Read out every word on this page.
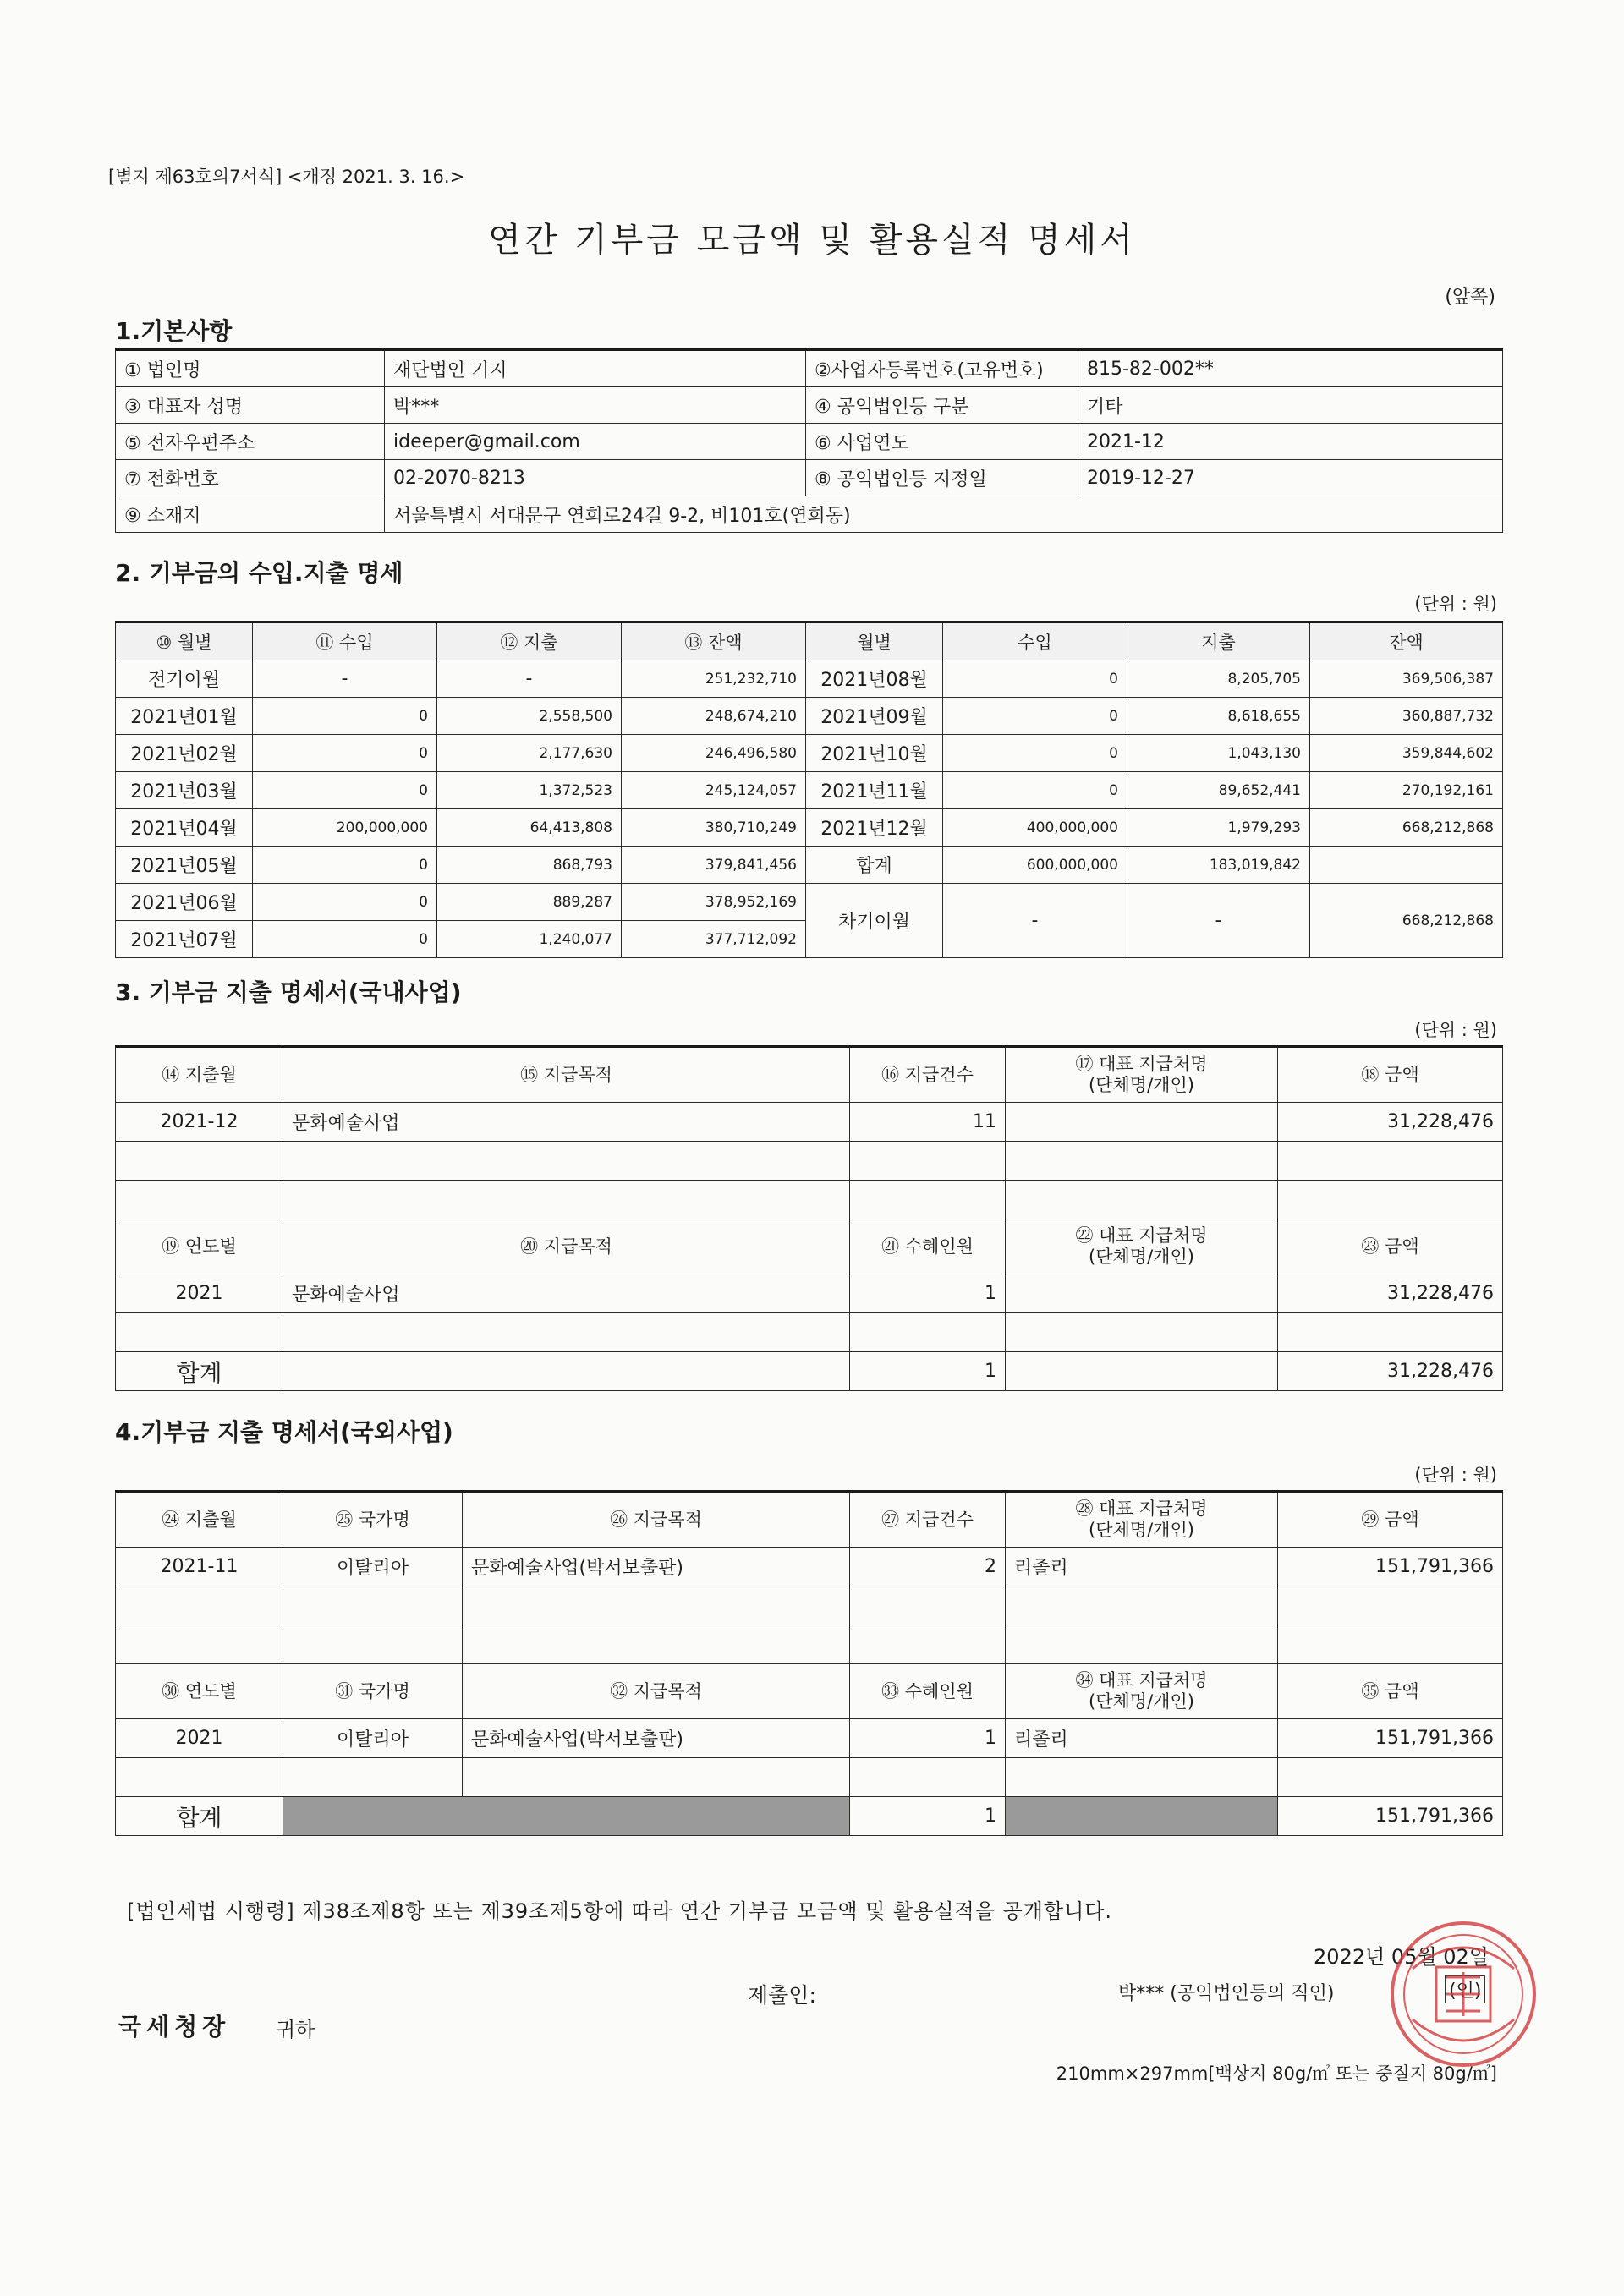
[별지 제63호의7서식] <개정 2021. 3. 16.>
연간 기부금 모금액 및 활용실적 명세서
(앞쪽)
1.기본사항
① 법인명	재단법인 기지	②사업자등록번호(고유번호)	815-82-002**
③ 대표자 성명	박***	④ 공익법인등 구분	기타
⑤ 전자우편주소	ideeper@gmail.com	⑥ 사업연도	2021-12
⑦ 전화번호	02-2070-8213	⑧ 공익법인등 지정일	2019-12-27
⑨ 소재지	서울특별시 서대문구 연희로24길 9-2, 비101호(연희동)		
2. 기부금의 수입.지출 명세
(단위 : 원)
⑩ 월별	⑪ 수입	⑫ 지출	⑬ 잔액	월별	수입	지출	잔액
전기이월	-	-	251,232,710	2021년08월	0	8,205,705	369,506,387
2021년01월	0	2,558,500	248,674,210	2021년09월	0	8,618,655	360,887,732
2021년02월	0	2,177,630	246,496,580	2021년10월	0	1,043,130	359,844,602
2021년03월	0	1,372,523	245,124,057	2021년11월	0	89,652,441	270,192,161
2021년04월	200,000,000	64,413,808	380,710,249	2021년12월	400,000,000	1,979,293	668,212,868
2021년05월	0	868,793	379,841,456	합계	600,000,000	183,019,842	
2021년06월	0	889,287	378,952,169	차기이월	-	-	668,212,868
2021년07월	0	1,240,077	377,712,092				
3. 기부금 지출 명세서(국내사업)
(단위 : 원)
⑭ 지출월	⑮ 지급목적	⑯ 지급건수	⑰ 대표 지급처명
(단체명/개인)	⑱ 금액
2021-12	문화예술사업	11		31,228,476

⑲ 연도별	⑳ 지급목적	㉑ 수혜인원	㉒ 대표 지급처명
(단체명/개인)	㉓ 금액
2021	문화예술사업	1		31,228,476

합계		1		31,228,476
4.기부금 지출 명세서(국외사업)
(단위 : 원)
㉔ 지출월	㉕ 국가명	㉖ 지급목적	㉗ 지급건수	㉘ 대표 지급처명
(단체명/개인)	㉙ 금액
2021-11	이탈리아	문화예술사업(박서보출판)	2	리졸리	151,791,366

㉚ 연도별	㉛ 국가명	㉜ 지급목적	㉝ 수혜인원	㉞ 대표 지급처명
(단체명/개인)	㉟ 금액
2021	이탈리아	문화예술사업(박서보출판)	1	리졸리	151,791,366

합계			1		151,791,366
[법인세법 시행령] 제38조제8항 또는 제39조제5항에 따라 연간 기부금 모금액 및 활용실적을 공개합니다.
2022년 05월 02일
제출인:	박*** (공익법인등의 직인)	(인)
국세청장 귀하
210mm×297mm[백상지 80g/㎡ 또는 중질지 80g/㎡]
